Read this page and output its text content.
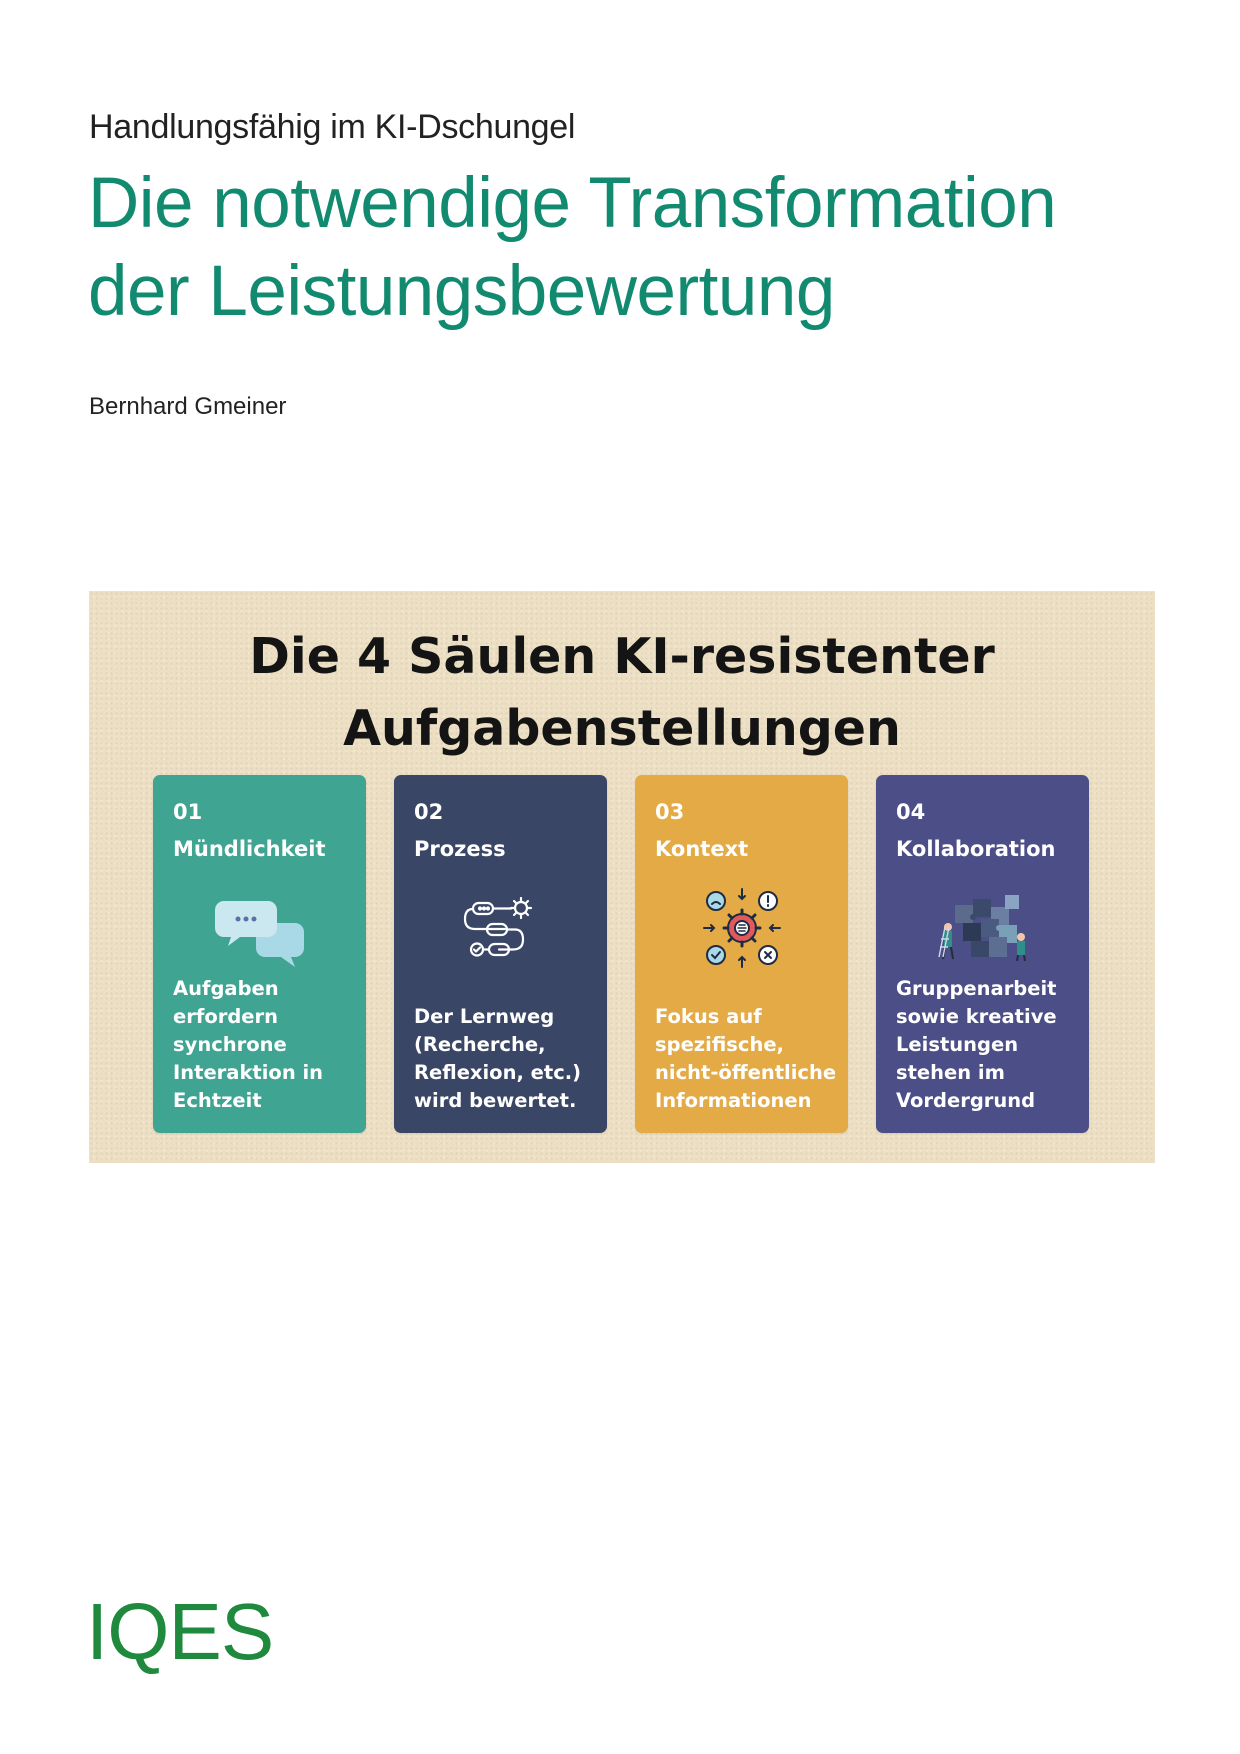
Handlungsfähig im KI-Dschungel
Die notwendige Transformation
der Leistungsbewertung
Bernhard Gmeiner
Die 4 Säulen KI-resistenter
Aufgabenstellungen
01
Mündlichkeit
Aufgaben
erfordern
synchrone
Interaktion in
Echtzeit
02
Prozess
Der Lernweg
(Recherche,
Reflexion, etc.)
wird bewertet.
03
Kontext
Fokus auf
spezifische,
nicht-öffentliche
Informationen
04
Kollaboration
Gruppenarbeit
sowie kreative
Leistungen
stehen im
Vordergrund
IQES
